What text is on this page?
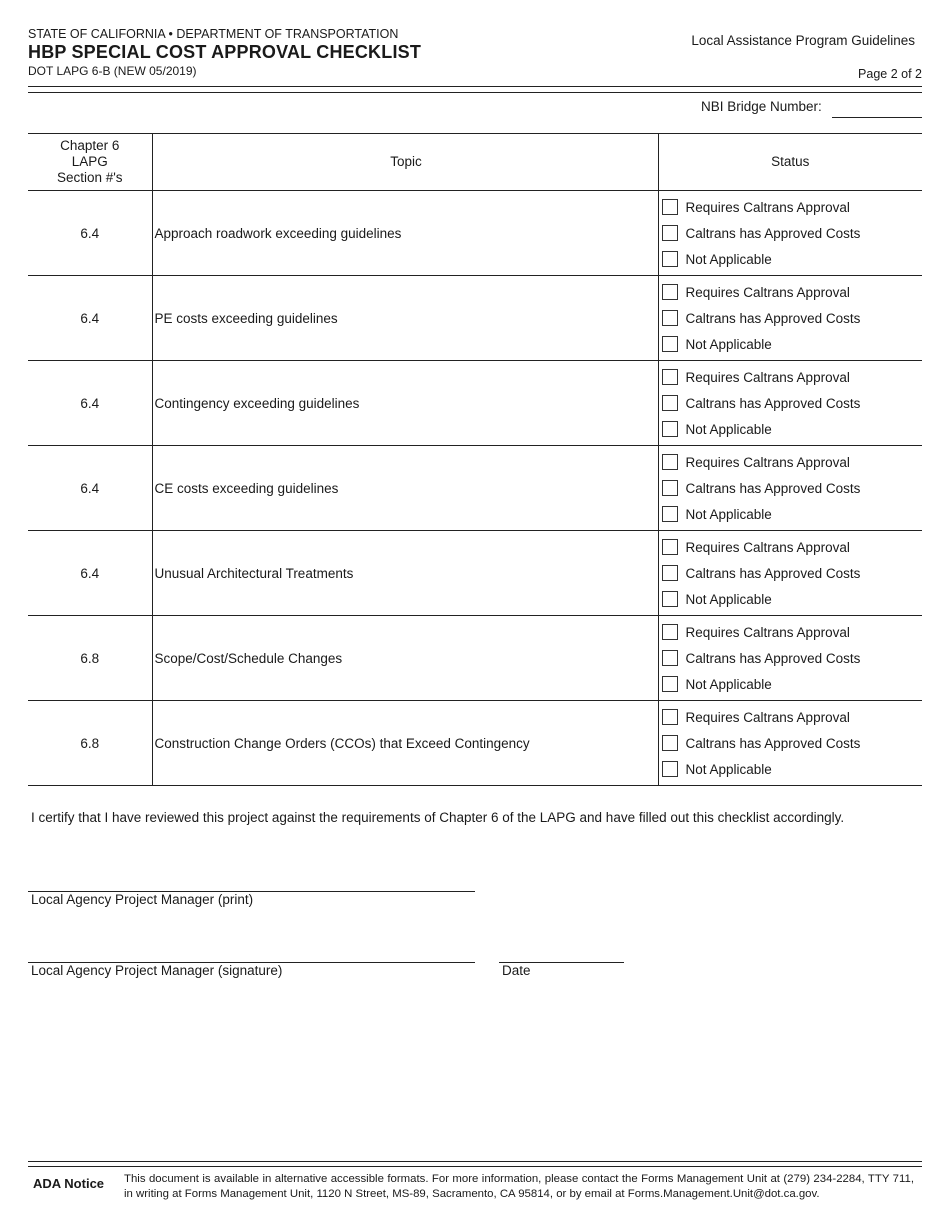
STATE OF CALIFORNIA • DEPARTMENT OF TRANSPORTATION
HBP SPECIAL COST APPROVAL CHECKLIST
DOT LAPG 6-B (NEW 05/2019)
Local Assistance Program Guidelines
Page 2 of 2
NBI Bridge Number:
Chapter 6 LAPG Section #'s	Topic	Status
6.4	Approach roadwork exceeding guidelines	Requires Caltrans Approval
Caltrans has Approved Costs
Not Applicable

6.4	PE costs exceeding guidelines	Requires Caltrans Approval
Caltrans has Approved Costs
Not Applicable

6.4	Contingency exceeding guidelines	Requires Caltrans Approval
Caltrans has Approved Costs
Not Applicable

6.4	CE costs exceeding guidelines	Requires Caltrans Approval
Caltrans has Approved Costs
Not Applicable

6.4	Unusual Architectural Treatments	Requires Caltrans Approval
Caltrans has Approved Costs
Not Applicable

6.8	Scope/Cost/Schedule Changes	Requires Caltrans Approval
Caltrans has Approved Costs
Not Applicable

6.8	Construction Change Orders (CCOs) that Exceed Contingency	Requires Caltrans Approval
Caltrans has Approved Costs
Not Applicable
I certify that I have reviewed this project against the requirements of Chapter 6 of the LAPG and have filled out this checklist accordingly.
Local Agency Project Manager (print)
Local Agency Project Manager (signature)	Date
ADA Notice This document is available in alternative accessible formats. For more information, please contact the Forms Management Unit at (279) 234-2284, TTY 711, in writing at Forms Management Unit, 1120 N Street, MS-89, Sacramento, CA 95814, or by email at Forms.Management.Unit@dot.ca.gov.
